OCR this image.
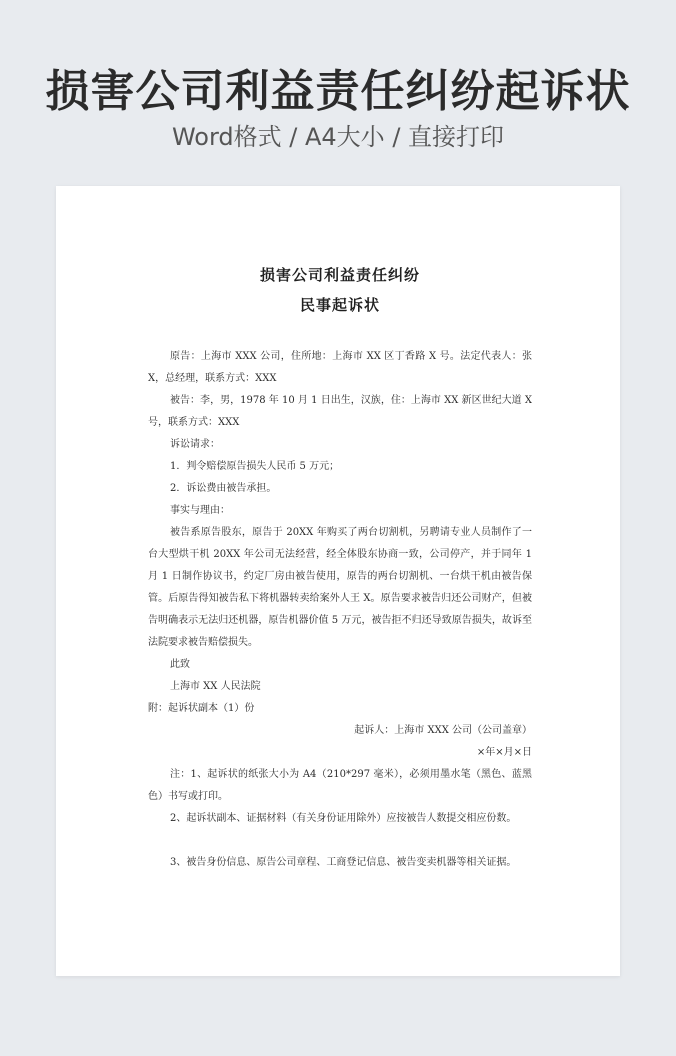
损害公司利益责任纠纷起诉状
Word格式 / A4大小 / 直接打印
损害公司利益责任纠纷
民事起诉状

原告：上海市 XXX 公司，住所地：上海市 XX 区丁香路 X 号。法定代表人：张 X，总经理，联系方式：XXX

被告：李，男，1978 年 10 月 1 日出生，汉族，住：上海市 XX 新区世纪大道 X 号，联系方式：XXX

诉讼请求：

1．判令赔偿原告损失人民币 5 万元；

2．诉讼费由被告承担。

事实与理由：

被告系原告股东，原告于 20XX 年购买了两台切割机，另聘请专业人员制作了一台大型烘干机 20XX 年公司无法经营，经全体股东协商一致，公司停产，并于同年 1 月 1 日制作协议书，约定厂房由被告使用，原告的两台切割机、一台烘干机由被告保管。后原告得知被告私下将机器转卖给案外人王 X。原告要求被告归还公司财产，但被告明确表示无法归还机器，原告机器价值 5 万元，被告拒不归还导致原告损失，故诉至法院要求被告赔偿损失。

此致

上海市 XX 人民法院

附：起诉状副本（1）份

起诉人：上海市 XXX 公司（公司盖章）

×年×月×日

注：1、起诉状的纸张大小为 A4（210*297 毫米），必须用墨水笔（黑色、蓝黑色）书写或打印。

2、起诉状副本、证据材料（有关身份证用除外）应按被告人数提交相应份数。

3、被告身份信息、原告公司章程、工商登记信息、被告变卖机器等相关证据。
